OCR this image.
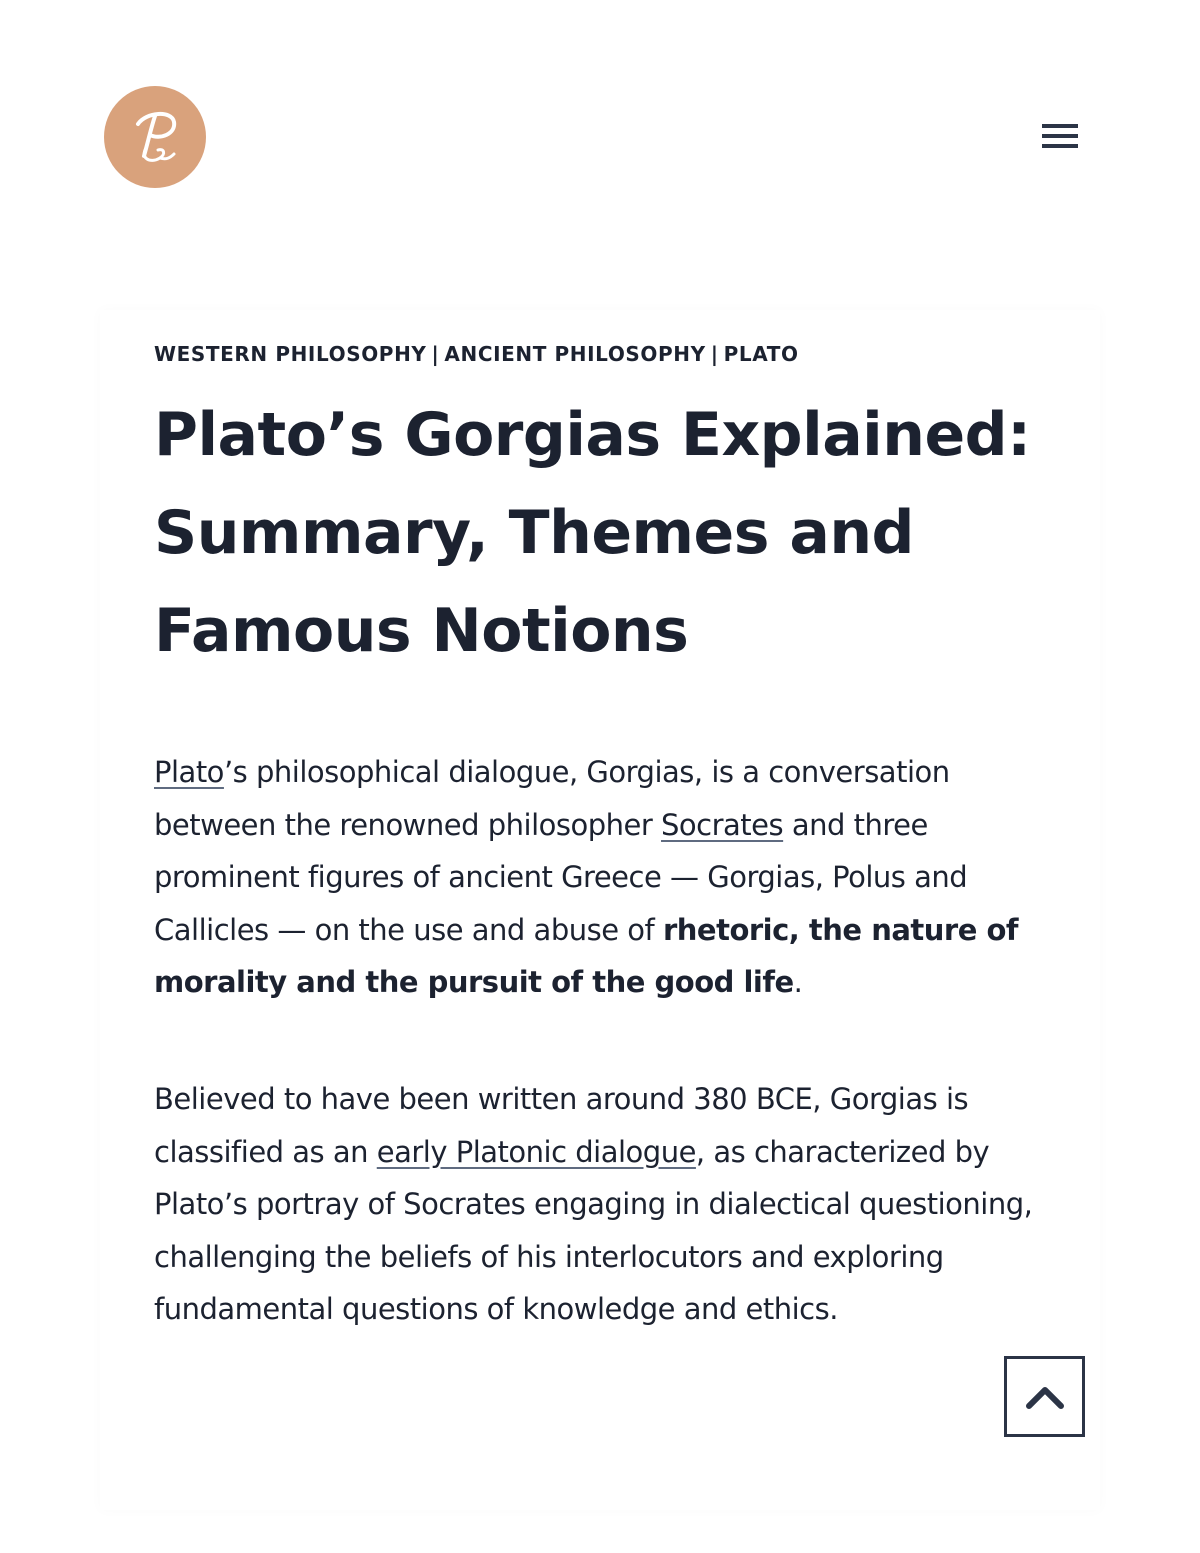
WESTERN PHILOSOPHY | ANCIENT PHILOSOPHY | PLATO
Plato’s Gorgias Explained: Summary, Themes and Famous Notions

Plato’s philosophical dialogue, Gorgias, is a conversation between the renowned philosopher Socrates and three prominent figures of ancient Greece — Gorgias, Polus and Callicles — on the use and abuse of rhetoric, the nature of morality and the pursuit of the good life.

Believed to have been written around 380 BCE, Gorgias is classified as an early Platonic dialogue, as characterized by Plato’s portray of Socrates engaging in dialectical questioning, challenging the beliefs of his interlocutors and exploring fundamental questions of knowledge and ethics.
